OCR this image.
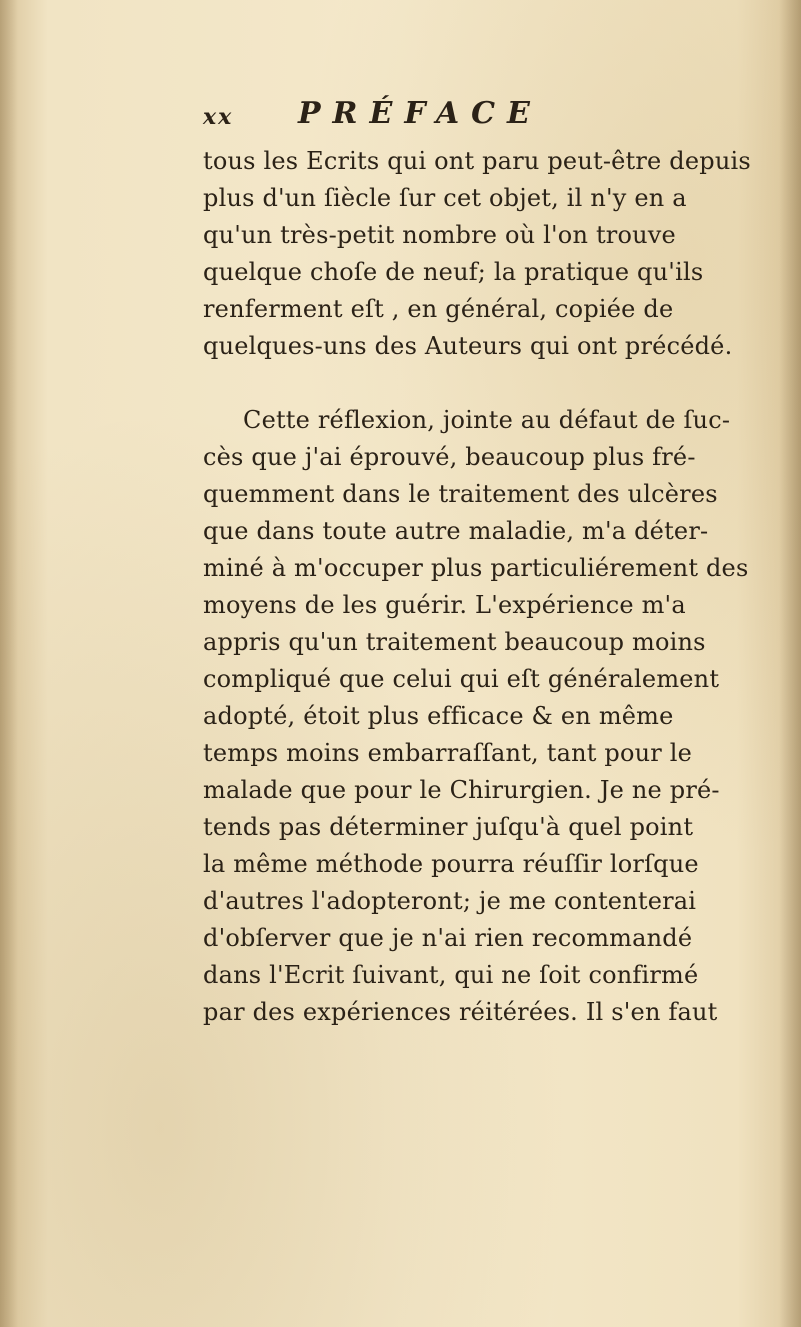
xx PRÉFACE

tous les Ecrits qui ont paru peut-être depuis
plus d'un ſiècle ſur cet objet, il n'y en a
qu'un très-petit nombre où l'on trouve
quelque choſe de neuf; la pratique qu'ils
renferment eſt , en général, copiée de
quelques-uns des Auteurs qui ont précédé.

Cette réflexion, jointe au défaut de ſuc-
cès que j'ai éprouvé, beaucoup plus fré-
quemment dans le traitement des ulcères
que dans toute autre maladie, m'a déter-
miné à m'occuper plus particuliérement des
moyens de les guérir. L'expérience m'a
appris qu'un traitement beaucoup moins
compliqué que celui qui eſt généralement
adopté, étoit plus efficace & en même
temps moins embarraſſant, tant pour le
malade que pour le Chirurgien. Je ne pré-
tends pas déterminer juſqu'à quel point
la même méthode pourra réuſſir lorſque
d'autres l'adopteront; je me contenterai
d'obſerver que je n'ai rien recommandé
dans l'Ecrit ſuivant, qui ne ſoit confirmé
par des expériences réitérées. Il s'en faut
